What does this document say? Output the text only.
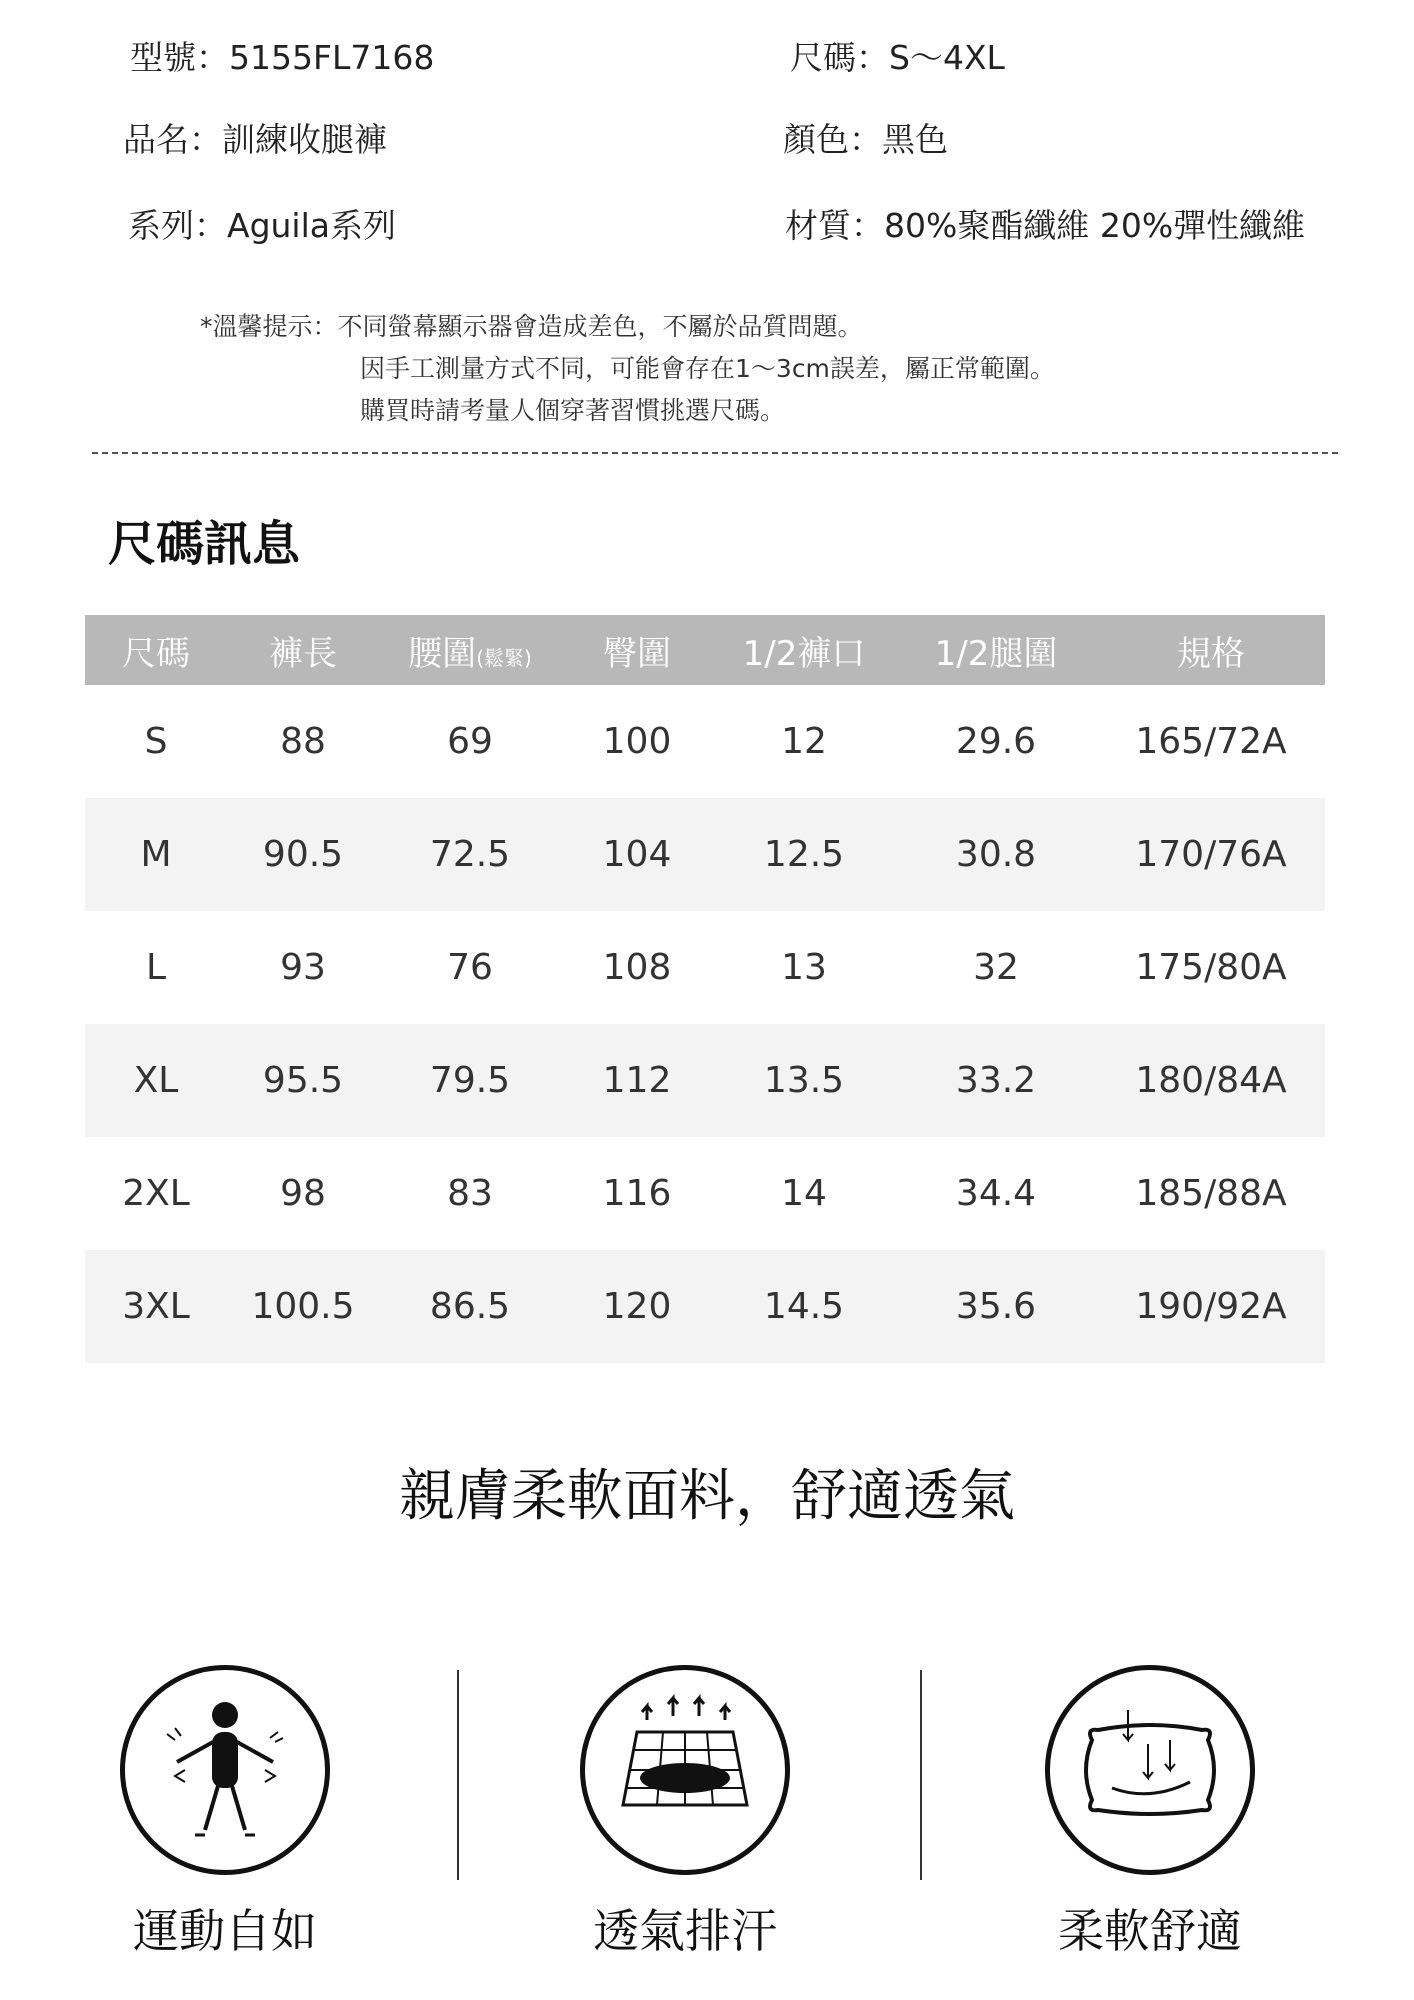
型號：5155FL7168	尺碼：S～4XL
品名：訓練收腿褲	顏色：黑色
系列：Aguila系列	材質：80%聚酯纖維 20%彈性纖維
*溫馨提示：不同螢幕顯示器會造成差色，不屬於品質問題。
因手工測量方式不同，可能會存在1～3cm誤差，屬正常範圍。
購買時請考量人個穿著習慣挑選尺碼。
尺碼訊息
尺碼	褲長	腰圍(鬆緊)	臀圍	1/2褲口	1/2腿圍	規格
S	88	69	100	12	29.6	165/72A
M	90.5	72.5	104	12.5	30.8	170/76A
L	93	76	108	13	32	175/80A
XL	95.5	79.5	112	13.5	33.2	180/84A
2XL	98	83	116	14	34.4	185/88A
3XL	100.5	86.5	120	14.5	35.6	190/92A
親膚柔軟面料，舒適透氣
運動自如	透氣排汗	柔軟舒適
